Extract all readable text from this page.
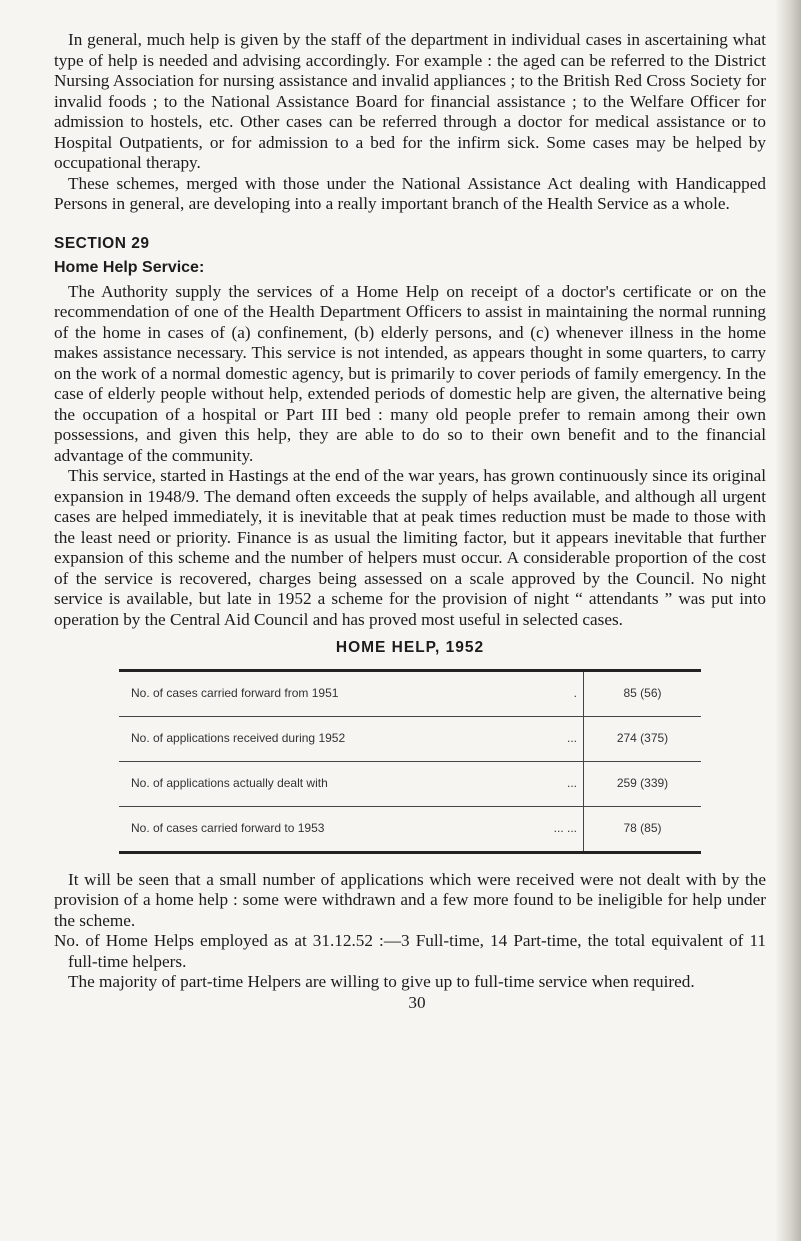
In general, much help is given by the staff of the department in individual cases in ascertaining what type of help is needed and advising accordingly. For example : the aged can be referred to the District Nursing Association for nursing assistance and invalid appliances ; to the British Red Cross Society for invalid foods ; to the National Assistance Board for financial assistance ; to the Welfare Officer for admission to hostels, etc. Other cases can be referred through a doctor for medical assistance or to Hospital Outpatients, or for admission to a bed for the infirm sick. Some cases may be helped by occupational therapy.

These schemes, merged with those under the National Assistance Act dealing with Handicapped Persons in general, are developing into a really important branch of the Health Service as a whole.

SECTION 29
Home Help Service:

The Authority supply the services of a Home Help on receipt of a doctor's certificate or on the recommendation of one of the Health Department Officers to assist in maintaining the normal running of the home in cases of (a) confinement, (b) elderly persons, and (c) whenever illness in the home makes assistance necessary. This service is not intended, as appears thought in some quarters, to carry on the work of a normal domestic agency, but is primarily to cover periods of family emergency. In the case of elderly people without help, extended periods of domestic help are given, the alternative being the occupation of a hospital or Part III bed : many old people prefer to remain among their own possessions, and given this help, they are able to do so to their own benefit and to the financial advantage of the community.

This service, started in Hastings at the end of the war years, has grown continuously since its original expansion in 1948/9. The demand often exceeds the supply of helps available, and although all urgent cases are helped immediately, it is inevitable that at peak times reduction must be made to those with the least need or priority. Finance is as usual the limiting factor, but it appears inevitable that further expansion of this scheme and the number of helpers must occur. A considerable proportion of the cost of the service is recovered, charges being assessed on a scale approved by the Council. No night service is available, but late in 1952 a scheme for the provision of night “ attendants ” was put into operation by the Central Aid Council and has proved most useful in selected cases.

HOME HELP, 1952
No. of cases carried forward from 1951 .	85 (56)
No. of applications received during 1952 ...	274 (375)
No. of applications actually dealt with ...	259 (339)
No. of cases carried forward to 1953 ... ...	78 (85)

It will be seen that a small number of applications which were received were not dealt with by the provision of a home help : some were withdrawn and a few more found to be ineligible for help under the scheme.

No. of Home Helps employed as at 31.12.52 :—3 Full-time, 14 Part-time, the total equivalent of 11 full-time helpers.

The majority of part-time Helpers are willing to give up to full-time service when required.

30
